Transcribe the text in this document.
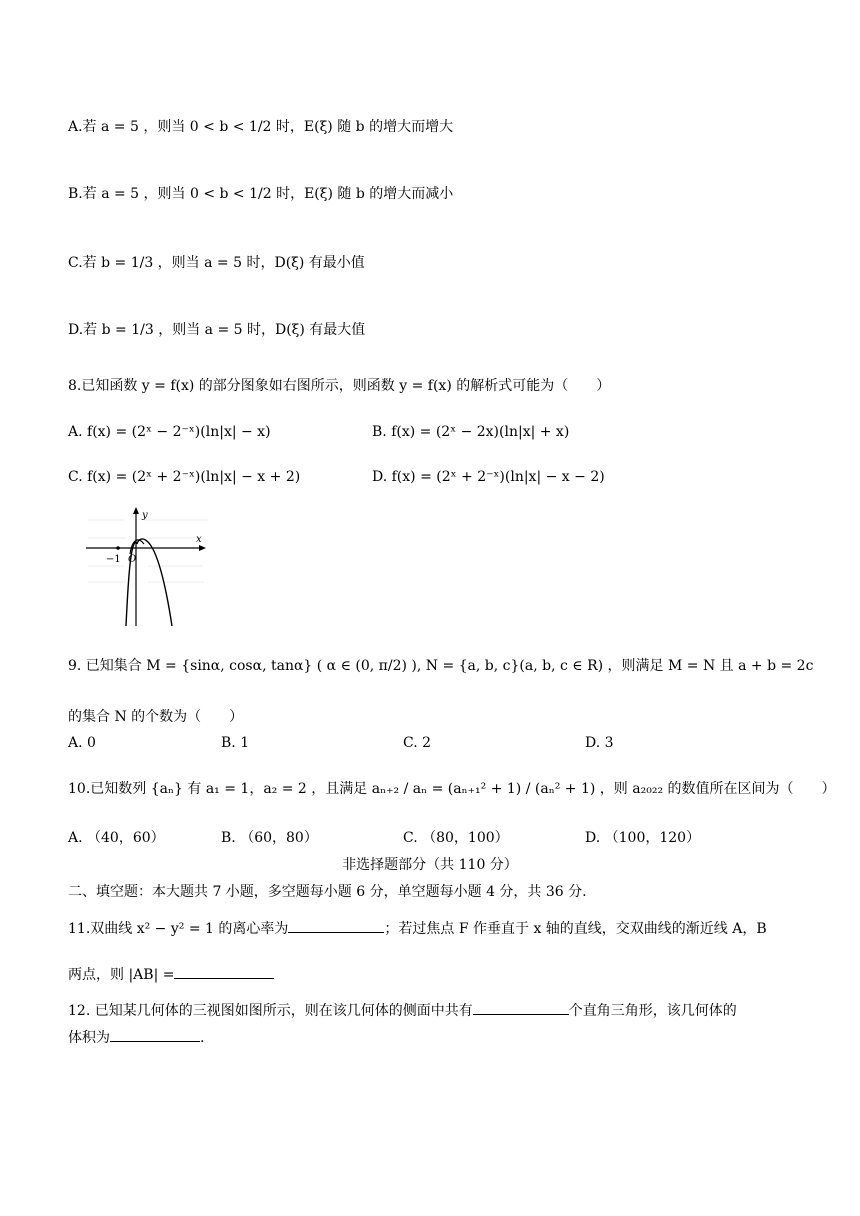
A.若 a = 5 ，则当 0 < b < 1/2 时，E(ξ) 随 b 的增大而增大
B.若 a = 5 ，则当 0 < b < 1/2 时，E(ξ) 随 b 的增大而减小
C.若 b = 1/3 ，则当 a = 5 时，D(ξ) 有最小值
D.若 b = 1/3 ，则当 a = 5 时，D(ξ) 有最大值
8.已知函数 y = f(x) 的部分图象如右图所示，则函数 y = f(x) 的解析式可能为（　　）
A. f(x) = (2ˣ − 2⁻ˣ)(ln|x| − x)	B. f(x) = (2ˣ − 2x)(ln|x| + x)
C. f(x) = (2ˣ + 2⁻ˣ)(ln|x| − x + 2)	D. f(x) = (2ˣ + 2⁻ˣ)(ln|x| − x − 2)
y
x
O
−1
9. 已知集合 M = {sinα, cosα, tanα} ( α ∈ (0, π/2) ), N = {a, b, c}(a, b, c ∈ R) ，则满足 M = N 且 a + b = 2c
的集合 N 的个数为（　　）
A. 0	B. 1	C. 2	D. 3
10.已知数列 {aₙ} 有 a₁ = 1，a₂ = 2 ，且满足 aₙ₊₂ / aₙ = (aₙ₊₁² + 1) / (aₙ² + 1) ，则 a₂₀₂₂ 的数值所在区间为（　　）
A. （40，60）	B. （60，80）	C. （80，100）	D. （100，120）
非选择题部分（共 110 分）
二、填空题：本大题共 7 小题，多空题每小题 6 分，单空题每小题 4 分，共 36 分.
11.双曲线 x² − y² = 1 的离心率为	；若过焦点 F 作垂直于 x 轴的直线，交双曲线的渐近线 A，B
两点，则 |AB| =
12. 已知某几何体的三视图如图所示，则在该几何体的侧面中共有	个直角三角形，该几何体的
体积为	.
